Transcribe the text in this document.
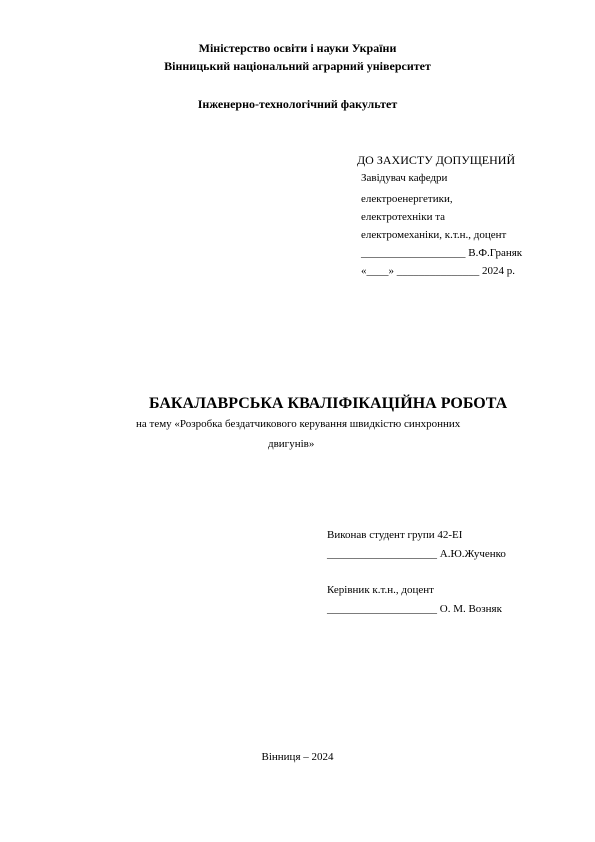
Міністерство освіти і науки України
Вінницький національний аграрний університет
Інженерно-технологічний факультет
ДО ЗАХИСТУ ДОПУЩЕНИЙ
Завідувач кафедри
електроенергетики,
електротехніки та
електромеханіки, к.т.н., доцент
___________________ В.Ф.Граняк
«____» _______________ 2024 р.
БАКАЛАВРСЬКА КВАЛІФІКАЦІЙНА РОБОТА
на тему «Розробка бездатчикового керування швидкістю синхронних
двигунів»
Виконав студент групи 42-ЕІ
____________________ А.Ю.Жученко
Керівник к.т.н., доцент
____________________ О. М. Возняк
Вінниця – 2024
